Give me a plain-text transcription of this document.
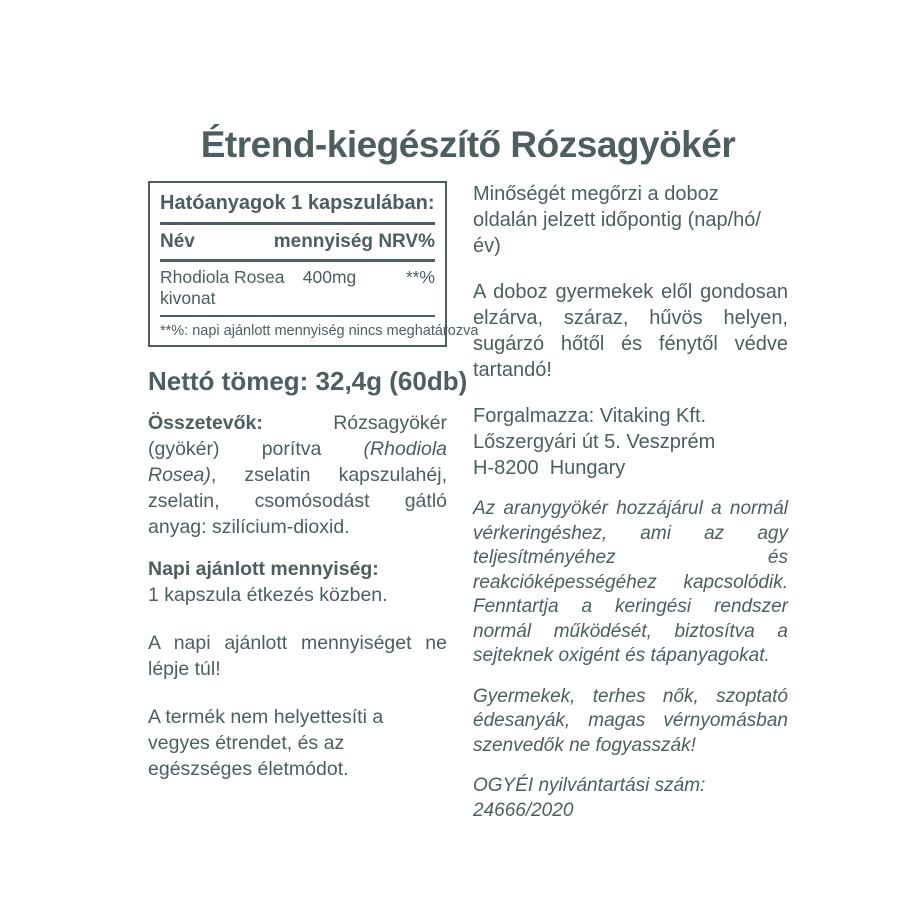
Étrend-kiegészítő Rózsagyökér
Hatóanyagok 1 kapszulában:
Név	mennyiség NRV%
Rhodiola Rosea kivonat
400mg	**%
**%: napi ajánlott mennyiség nincs meghatározva
Nettó tömeg: 32,4g (60db)

Összetevők: Rózsagyökér (gyökér) porítva (Rhodiola Rosea), zselatin kapszulahéj, zselatin, csomósodást gátló anyag: szilícium-dioxid.

Napi ajánlott mennyiség:

1 kapszula étkezés közben.

A napi ajánlott mennyiséget ne lépje túl!

A termék nem helyettesíti a vegyes étrendet, és az egészséges életmódot.

Minőségét megőrzi a doboz oldalán jelzett időpontig (nap/hó/év)

A doboz gyermekek elől gondosan elzárva, száraz, hűvös helyen, sugárzó hőtől és fénytől védve tartandó!

Forgalmazza: Vitaking Kft.

Lőszergyári út 5. Veszprém

H-8200  Hungary

Az aranygyökér hozzájárul a normál vérkeringéshez, ami az agy teljesítményéhez és reakcióképességéhez kapcsolódik. Fenntartja a keringési rendszer normál működését, biztosítva a sejteknek oxigént és tápanyagokat.

Gyermekek, terhes nők, szoptató édesanyák, magas vérnyomásban szenvedők ne fogyasszák!

OGYÉI nyilvántartási szám: 24666/2020
